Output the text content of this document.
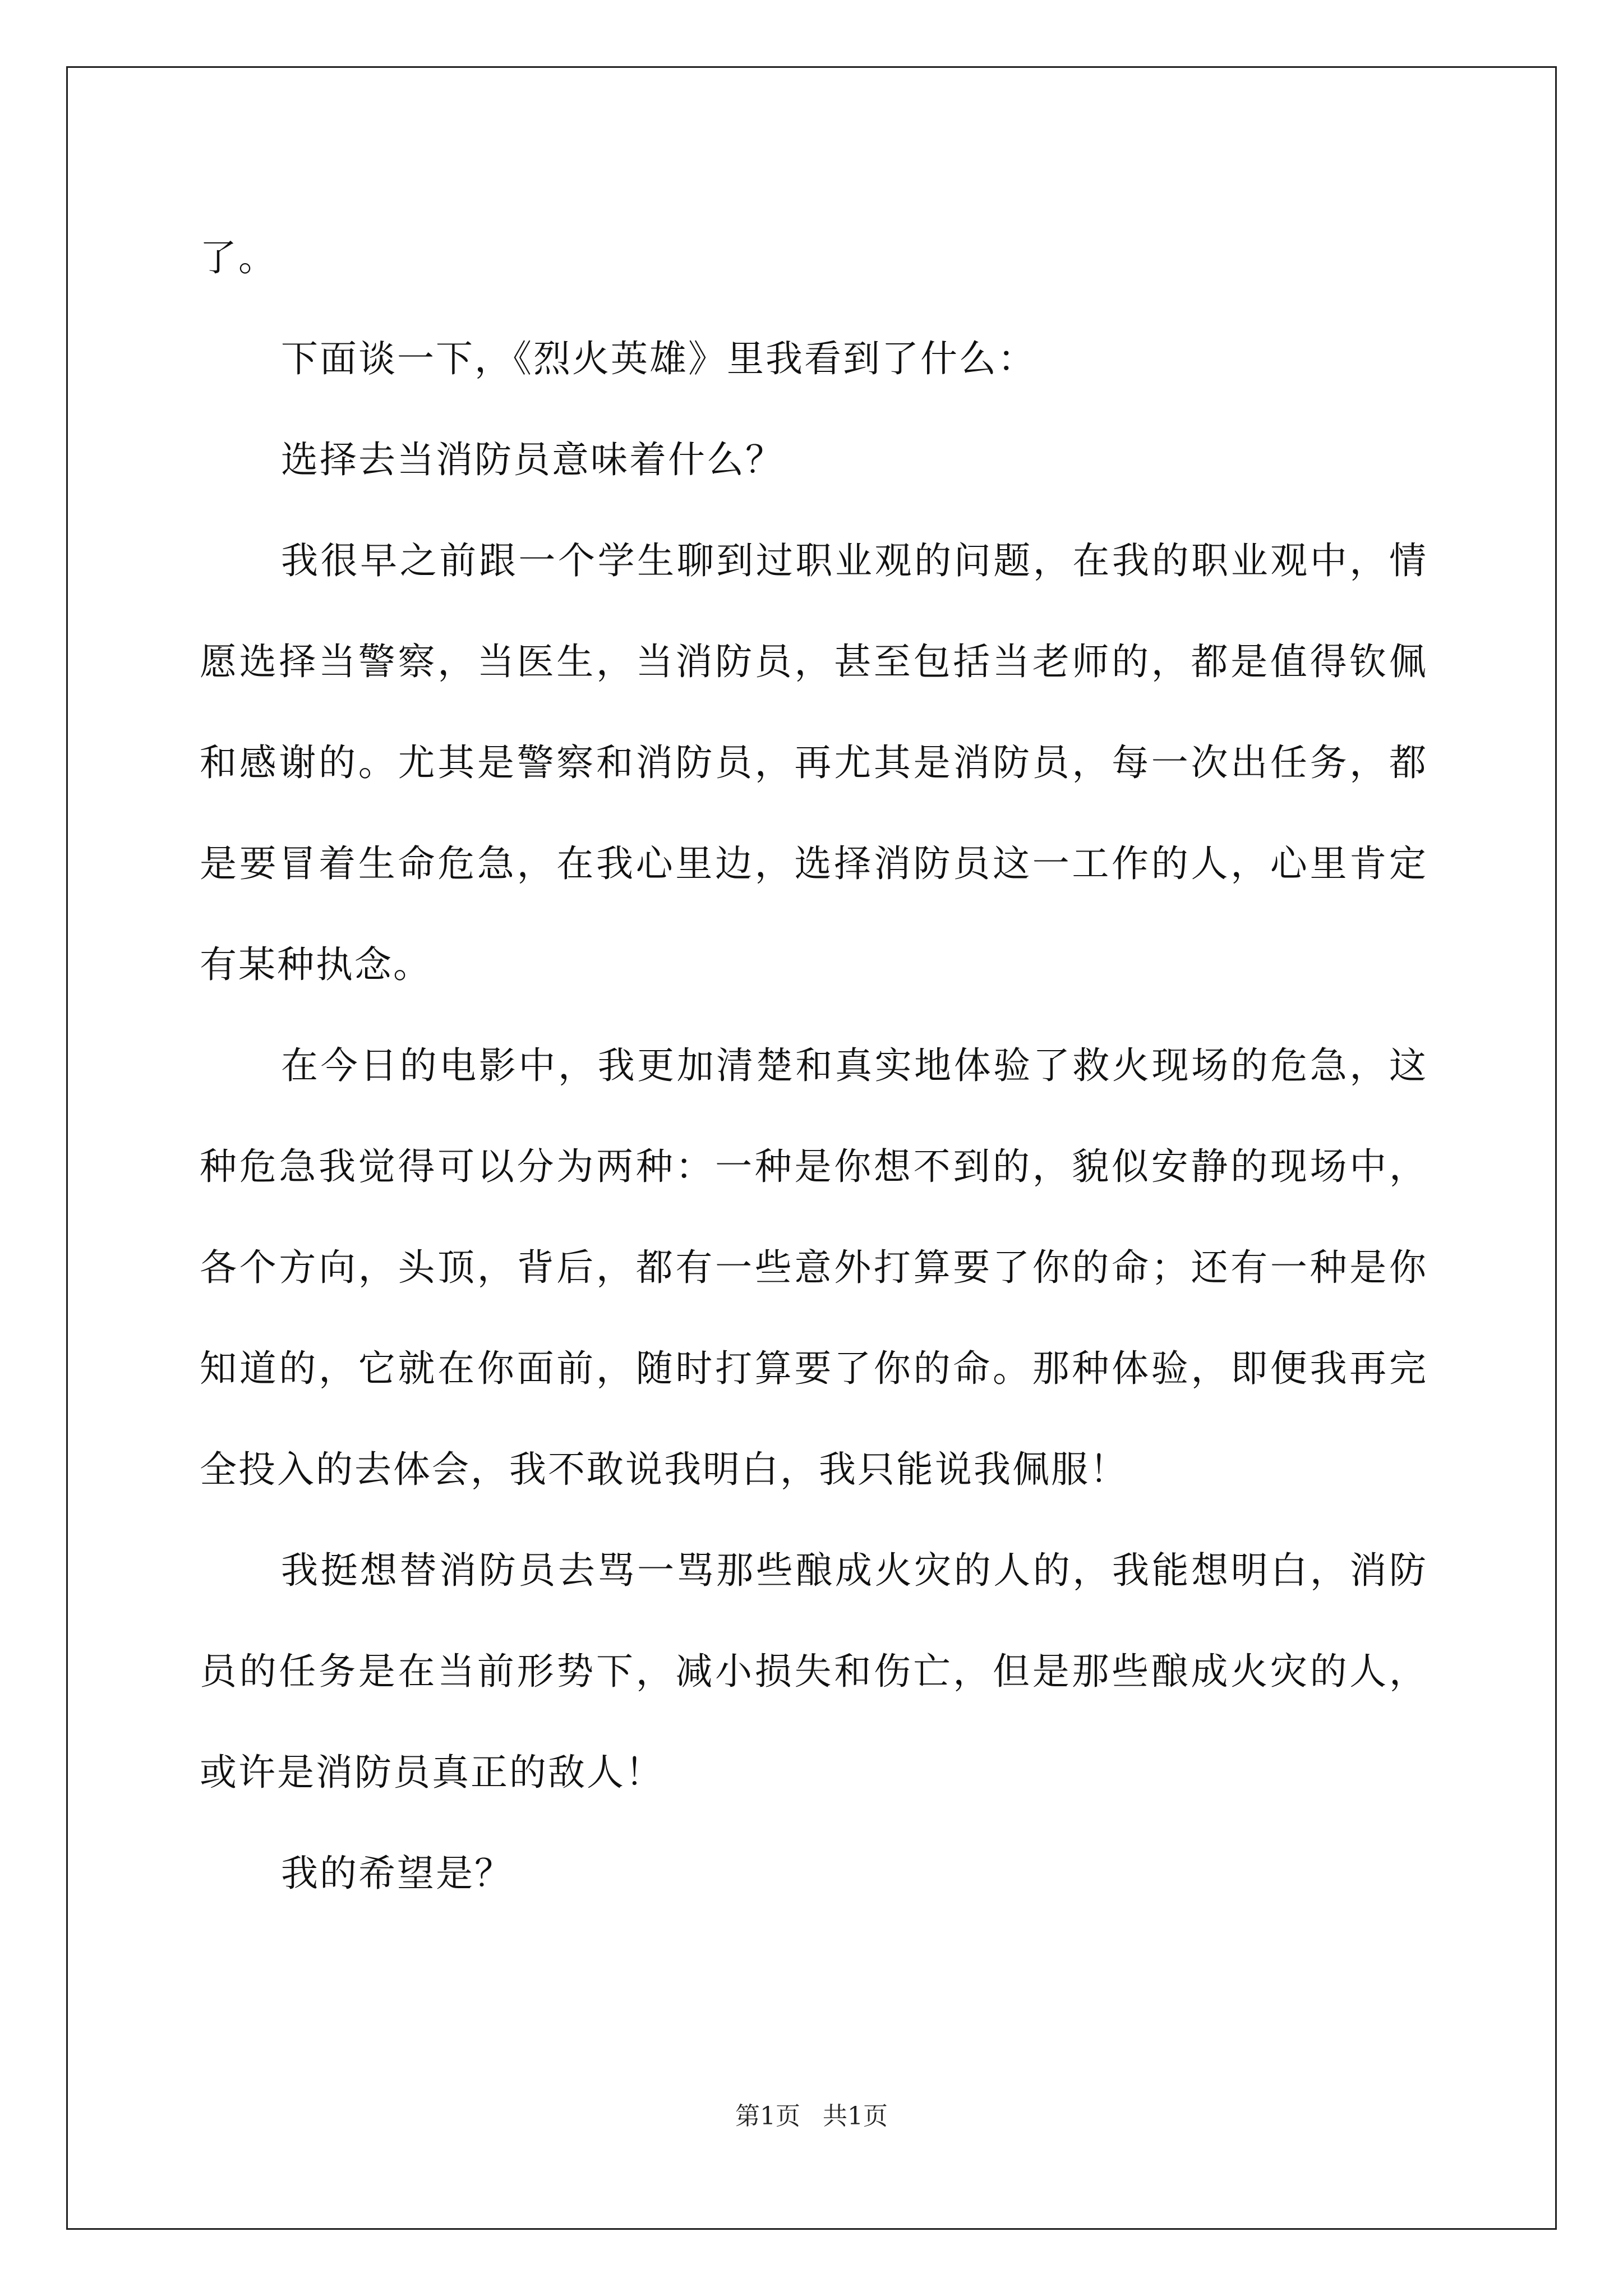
了。

下面谈一下，《烈火英雄》里我看到了什么：

选择去当消防员意味着什么？

我很早之前跟一个学生聊到过职业观的问题，在我的职业观中，情愿选择当警察，当医生，当消防员，甚至包括当老师的，都是值得钦佩和感谢的。尤其是警察和消防员，再尤其是消防员，每一次出任务，都是要冒着生命危急，在我心里边，选择消防员这一工作的人，心里肯定有某种执念。

在今日的电影中，我更加清楚和真实地体验了救火现场的危急，这种危急我觉得可以分为两种：一种是你想不到的，貌似安静的现场中，各个方向，头顶，背后，都有一些意外打算要了你的命；还有一种是你知道的，它就在你面前，随时打算要了你的命。那种体验，即便我再完全投入的去体会，我不敢说我明白，我只能说我佩服！

我挺想替消防员去骂一骂那些酿成火灾的人的，我能想明白，消防员的任务是在当前形势下，减小损失和伤亡，但是那些酿成火灾的人，或许是消防员真正的敌人！

我的希望是？

第1页 共1页
